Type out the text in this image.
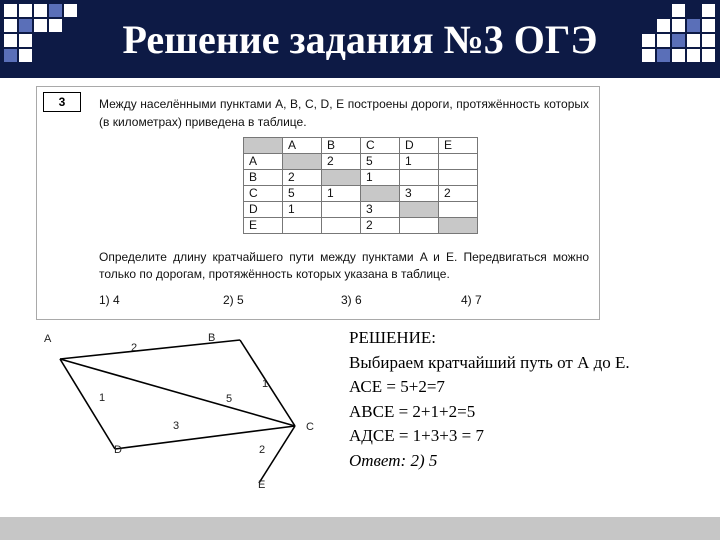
Решение задания №3 ОГЭ
3	Между населёнными пунктами A, B, C, D, E построены дороги, протяжённость которых (в километрах) приведена в таблице.
	A	B	C	D	E
A		2	5	1	
B	2		1		
C	5	1		3	2
D	1		3		
E			2		
Определите длину кратчайшего пути между пунктами A и E. Передвигаться можно только по дорогам, протяжённость которых указана в таблице.
1) 4	2) 5	3) 6	4) 7
2
1
5
1
3
2
A	B
C
D
E
РЕШЕНИЕ:
Выбираем кратчайший путь от А до Е.
АСЕ = 5+2=7
АВСЕ = 2+1+2=5
АДСЕ = 1+3+3 = 7
Ответ: 2) 5
